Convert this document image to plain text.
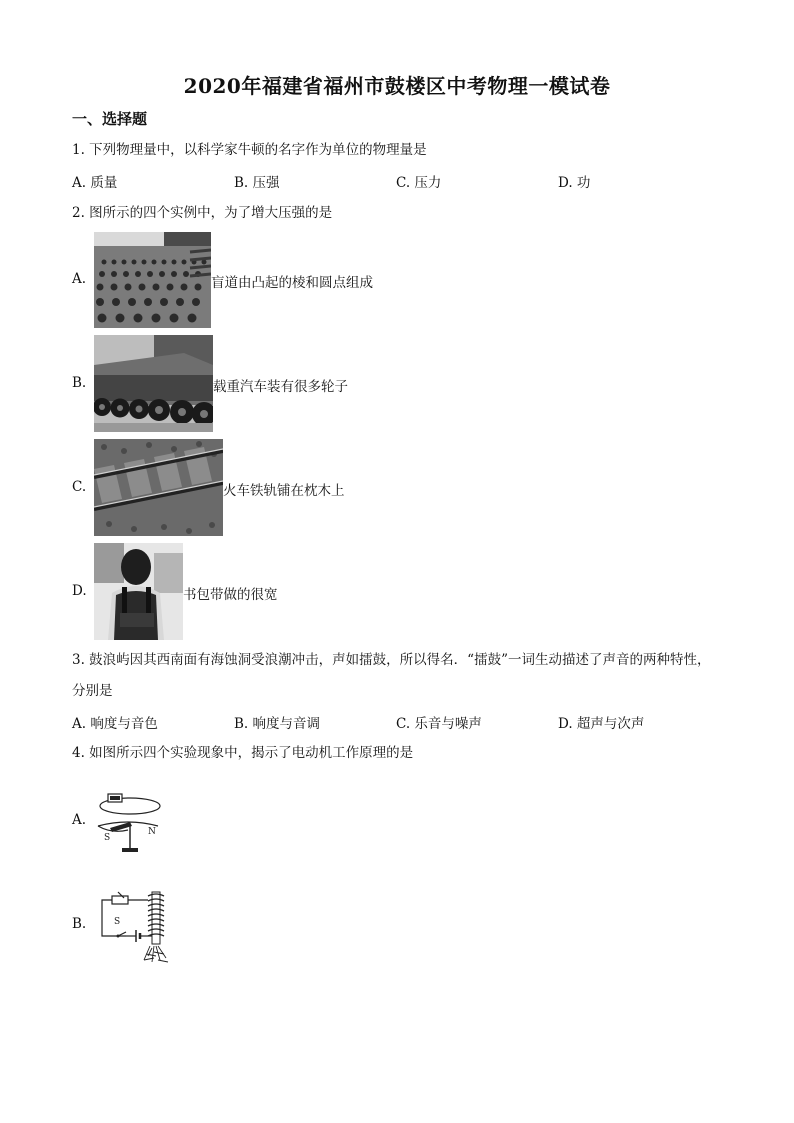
2020年福建省福州市鼓楼区中考物理一模试卷
一、选择题
1. 下列物理量中，以科学家牛顿的名字作为单位的物理量是
A. 质量	B. 压强	C. 压力	D. 功
2. 图所示的四个实例中，为了增大压强的是
A.	盲道由凸起的棱和圆点组成
B.	载重汽车装有很多轮子
C.	火车铁轨铺在枕木上
D.	书包带做的很宽
3. 鼓浪屿因其西南面有海蚀洞受浪潮冲击，声如擂鼓，所以得名．“擂鼓”一词生动描述了声音的两种特性，
分别是
A. 响度与音色	B. 响度与音调	C. 乐音与噪声	D. 超声与次声
4. 如图所示四个实验现象中，揭示了电动机工作原理的是
A.
S
N
B.	S
